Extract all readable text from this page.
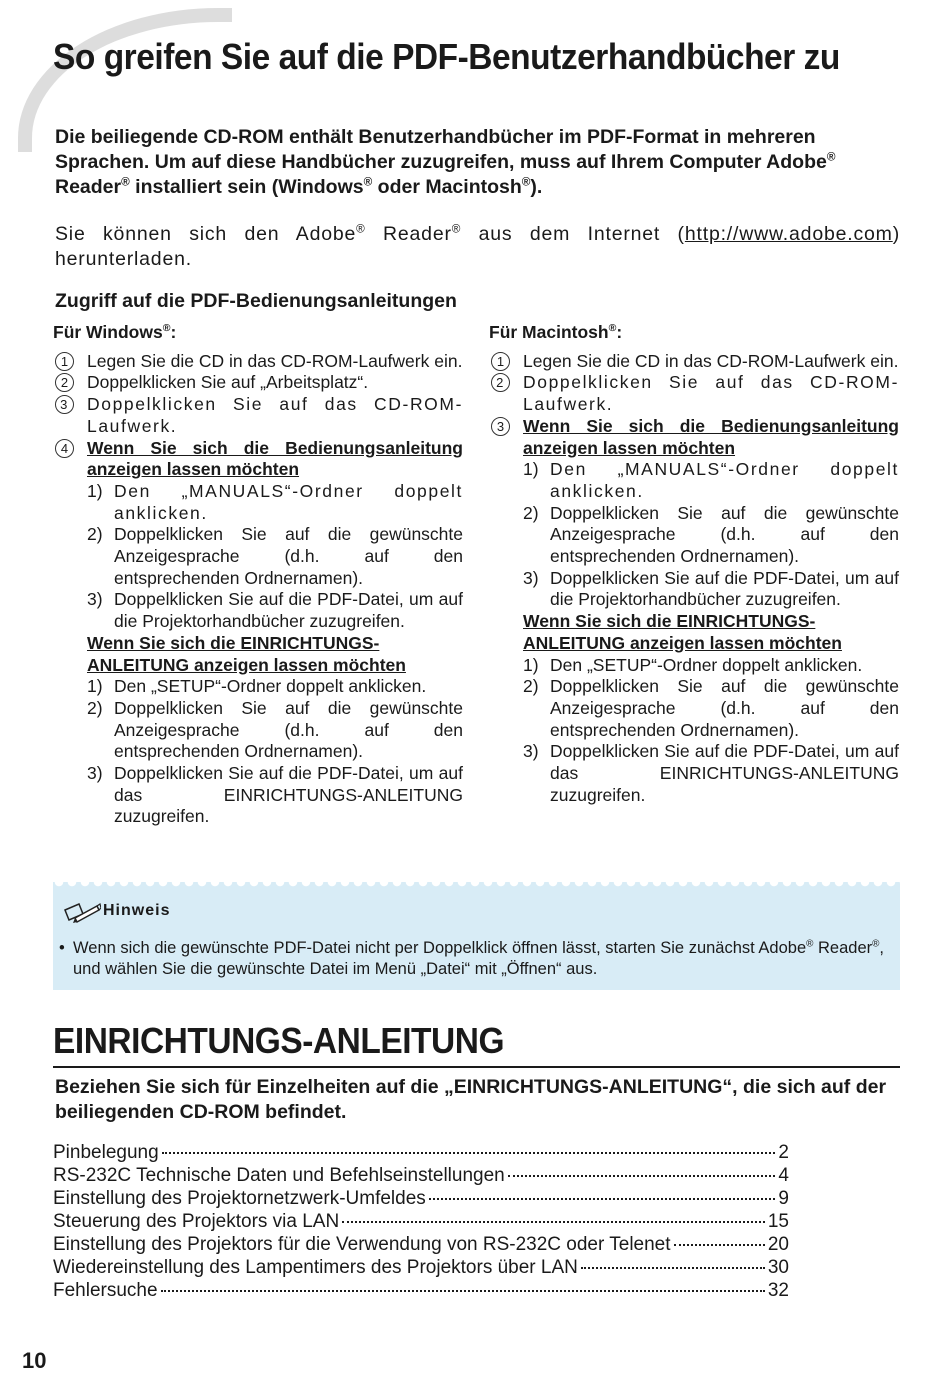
So greifen Sie auf die PDF-Benutzerhandbücher zu

Die beiliegende CD-ROM enthält Benutzerhandbücher im PDF-Format in mehreren Sprachen. Um auf diese Handbücher zuzugreifen, muss auf Ihrem Computer Adobe® Reader® installiert sein (Windows® oder Macintosh®).

Sie können sich den Adobe® Reader® aus dem Internet (http://www.adobe.com) herunterladen.

Zugriff auf die PDF-Bedienungsanleitungen
Für Windows®:
1	Legen Sie die CD in das CD-ROM-Laufwerk ein.
2	Doppelklicken Sie auf „Arbeitsplatz“.
3 Doppelklicken Sie auf das CD-ROM-Laufwerk.
4	Wenn Sie sich die Bedienungsanleitung anzeigen lassen möchten
1) Den „MANUALS“-Ordner doppelt anklicken.
2) Doppelklicken Sie auf die gewünschte Anzeigesprache (d.h. auf den entsprechenden Ordnernamen).
3) Doppelklicken Sie auf die PDF-Datei, um auf die Projektorhandbücher zuzugreifen.
Wenn Sie sich die EINRICHTUNGS-ANLEITUNG anzeigen lassen möchten
1) Den „SETUP“-Ordner doppelt anklicken.
2) Doppelklicken Sie auf die gewünschte Anzeigesprache (d.h. auf den entsprechenden Ordnernamen).
3) Doppelklicken Sie auf die PDF-Datei, um auf das EINRICHTUNGS-ANLEITUNG zuzugreifen.
Für Macintosh®:
1	Legen Sie die CD in das CD-ROM-Laufwerk ein.
2 Doppelklicken Sie auf das CD-ROM-Laufwerk.
3	Wenn Sie sich die Bedienungsanleitung anzeigen lassen möchten
1) Den „MANUALS“-Ordner doppelt anklicken.
2) Doppelklicken Sie auf die gewünschte Anzeigesprache (d.h. auf den entsprechenden Ordnernamen).
3) Doppelklicken Sie auf die PDF-Datei, um auf die Projektorhandbücher zuzugreifen.
Wenn Sie sich die EINRICHTUNGS-ANLEITUNG anzeigen lassen möchten
1) Den „SETUP“-Ordner doppelt anklicken.
2) Doppelklicken Sie auf die gewünschte Anzeigesprache (d.h. auf den entsprechenden Ordnernamen).
3) Doppelklicken Sie auf die PDF-Datei, um auf das EINRICHTUNGS-ANLEITUNG zuzugreifen.
Hinweis
• Wenn sich die gewünschte PDF-Datei nicht per Doppelklick öffnen lässt, starten Sie zunächst Adobe® Reader®, und wählen Sie die gewünschte Datei im Menü „Datei“ mit „Öffnen“ aus.
EINRICHTUNGS-ANLEITUNG

Beziehen Sie sich für Einzelheiten auf die „EINRICHTUNGS-ANLEITUNG“, die sich auf der beiliegenden CD-ROM befindet.

Pinbelegung	2
RS-232C Technische Daten und Befehlseinstellungen	4
Einstellung des Projektornetzwerk-Umfeldes	9
Steuerung des Projektors via LAN	15
Einstellung des Projektors für die Verwendung von RS-232C oder Telenet	20
Wiedereinstellung des Lampentimers des Projektors über LAN	30
Fehlersuche	32
10
